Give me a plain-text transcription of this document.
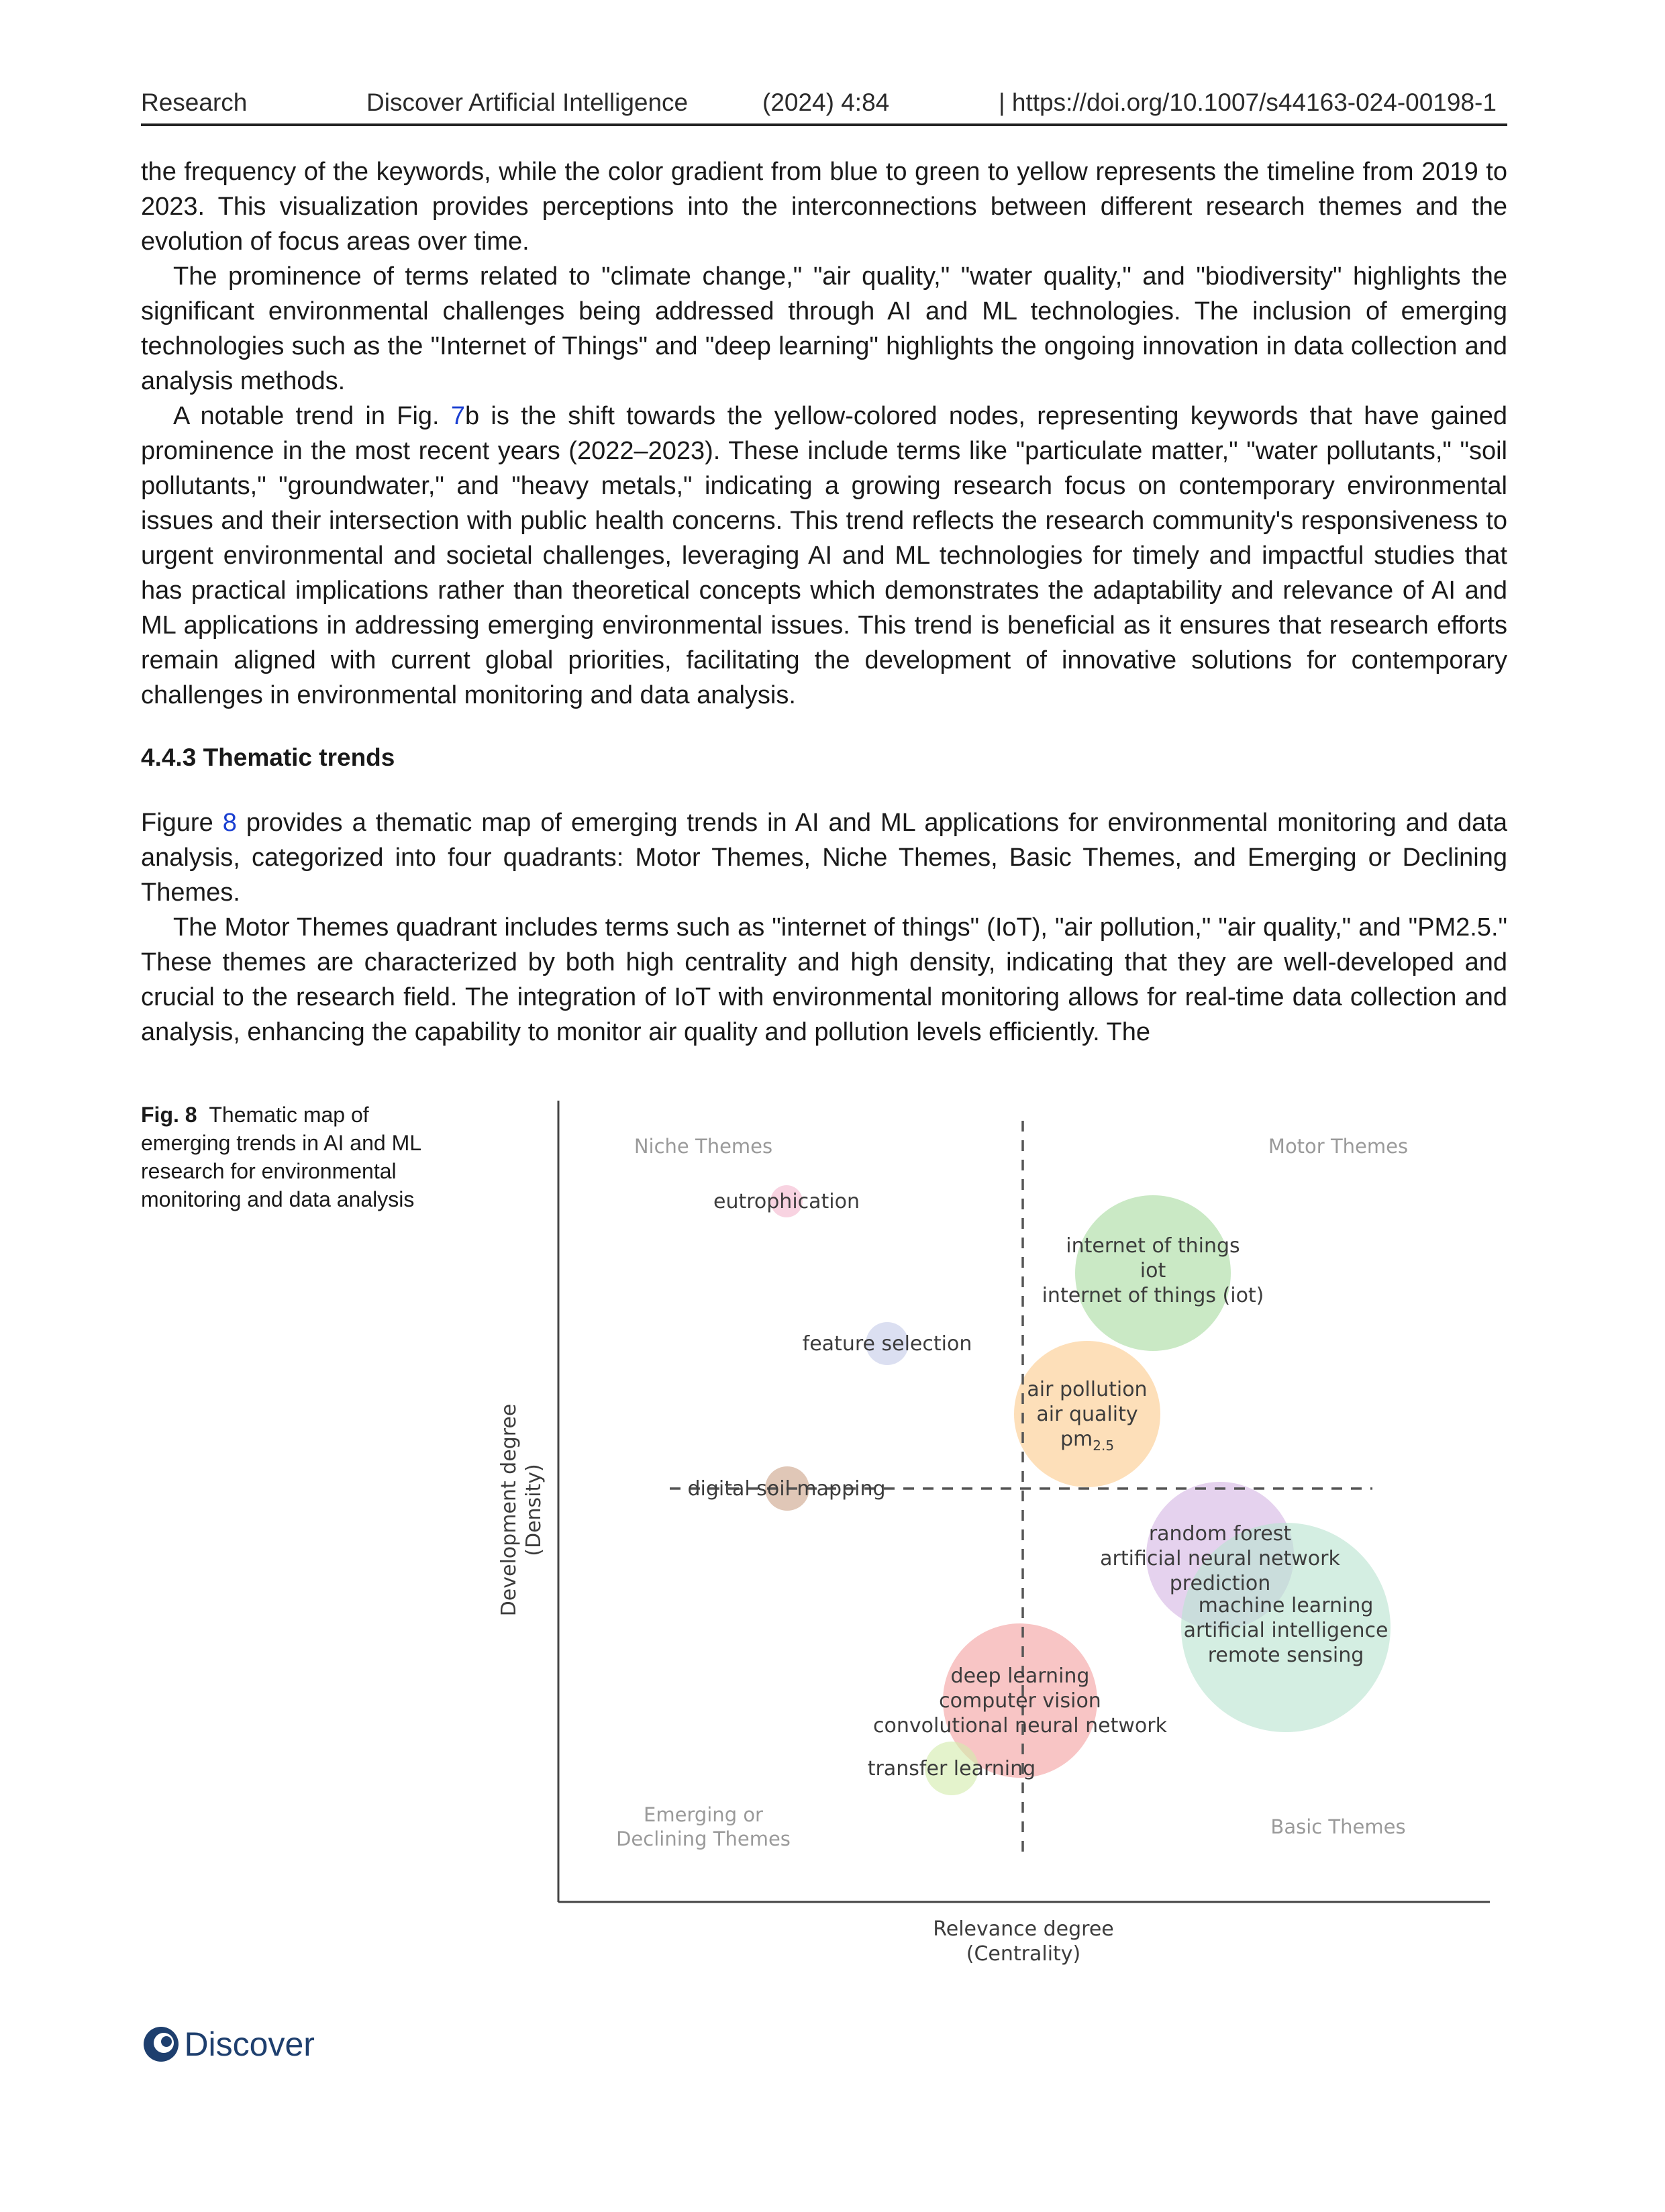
Research	Discover Artificial Intelligence	(2024) 4:84	| https://doi.org/10.1007/s44163-024-00198-1

the frequency of the keywords, while the color gradient from blue to green to yellow represents the timeline from 2019 to 2023. This visualization provides perceptions into the interconnections between different research themes and the evolution of focus areas over time.

The prominence of terms related to "climate change," "air quality," "water quality," and "biodiversity" highlights the significant environmental challenges being addressed through AI and ML technologies. The inclusion of emerging technologies such as the "Internet of Things" and "deep learning" highlights the ongoing innovation in data collection and analysis methods.

A notable trend in Fig. 7b is the shift towards the yellow-colored nodes, representing keywords that have gained prominence in the most recent years (2022–2023). These include terms like "particulate matter," "water pollutants," "soil pollutants," "groundwater," and "heavy metals," indicating a growing research focus on contemporary environmental issues and their intersection with public health concerns. This trend reflects the research community's responsiveness to urgent environmental and societal challenges, leveraging AI and ML technologies for timely and impactful studies that has practical implications rather than theoretical concepts which demonstrates the adaptability and relevance of AI and ML applications in addressing emerging environmental issues. This trend is beneficial as it ensures that research efforts remain aligned with current global priorities, facilitating the development of innovative solutions for contemporary challenges in environmental monitoring and data analysis.

4.4.3 Thematic trends

Figure 8 provides a thematic map of emerging trends in AI and ML applications for environmental monitoring and data analysis, categorized into four quadrants: Motor Themes, Niche Themes, Basic Themes, and Emerging or Declining Themes.

The Motor Themes quadrant includes terms such as "internet of things" (IoT), "air pollution," "air quality," and "PM2.5." These themes are characterized by both high centrality and high density, indicating that they are well-developed and crucial to the research field. The integration of IoT with environmental monitoring allows for real-time data collection and analysis, enhancing the capability to monitor air quality and pollution levels efficiently. The

Fig. 8 Thematic map of emerging trends in AI and ML research for environmental monitoring and data analysis
Niche Themes	Motor Themes
Emerging or
Declining Themes
Basic Themes
eutrophication
internet of things
iot
internet of things (iot)
feature selection
air pollution
air quality
$pm_{2.5}$
digital soil mapping
random forest
artificial neural network
prediction
machine learning
artificial intelligence
remote sensing
deep learning
computer vision
convolutional neural network
transfer learning
Relevance degree
(Centrality)
Development degree (Density)
Discover
